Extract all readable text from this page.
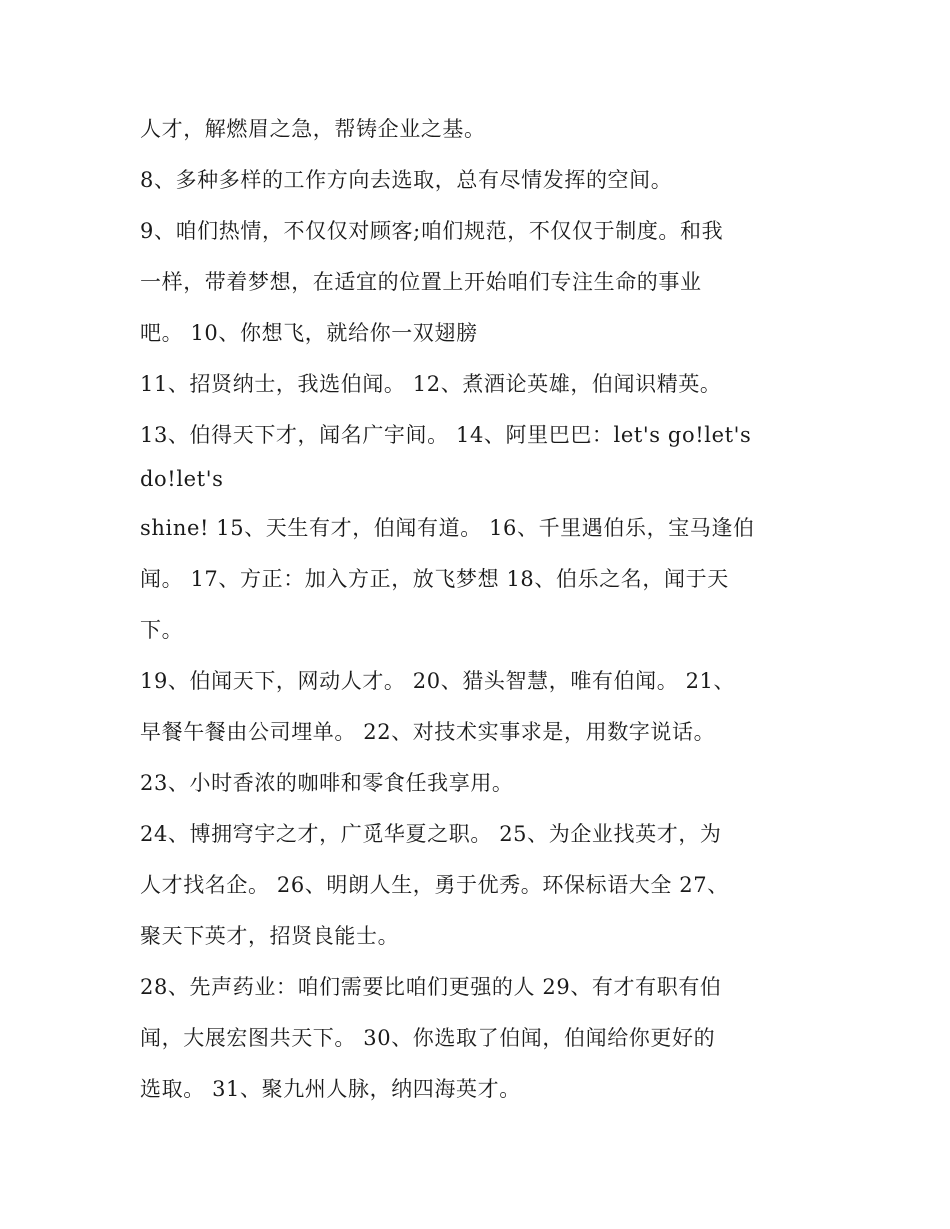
人才，解燃眉之急，帮铸企业之基。
8、多种多样的工作方向去选取，总有尽情发挥的空间。
9、咱们热情，不仅仅对顾客;咱们规范，不仅仅于制度。和我
一样，带着梦想，在适宜的位置上开始咱们专注生命的事业
吧。 10、你想飞，就给你一双翅膀
11、招贤纳士，我选伯闻。 12、煮酒论英雄，伯闻识精英。
13、伯得天下才，闻名广宇间。 14、阿里巴巴：let's go!let's
do!let's
shine! 15、天生有才，伯闻有道。 16、千里遇伯乐，宝马逢伯
闻。 17、方正：加入方正，放飞梦想 18、伯乐之名，闻于天
下。
19、伯闻天下，网动人才。 20、猎头智慧，唯有伯闻。 21、
早餐午餐由公司埋单。 22、对技术实事求是，用数字说话。
23、小时香浓的咖啡和零食任我享用。
24、博拥穹宇之才，广觅华夏之职。 25、为企业找英才，为
人才找名企。 26、明朗人生，勇于优秀。环保标语大全 27、
聚天下英才，招贤良能士。
28、先声药业：咱们需要比咱们更强的人 29、有才有职有伯
闻，大展宏图共天下。 30、你选取了伯闻，伯闻给你更好的
选取。 31、聚九州人脉，纳四海英才。
